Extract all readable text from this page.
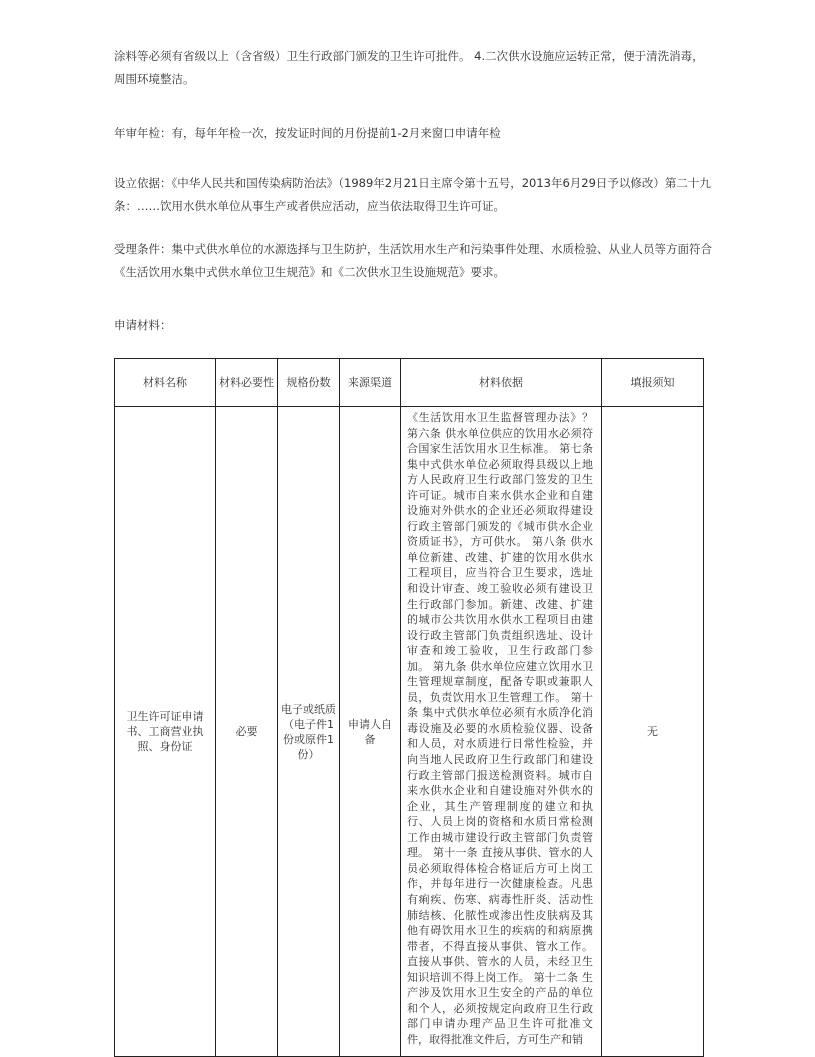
涂料等必须有省级以上（含省级）卫生行政部门颁发的卫生许可批件。 4.二次供水设施应运转正常，便于清洗消毒，周围环境整洁。

年审年检：有，每年年检一次，按发证时间的月份提前1-2月来窗口申请年检

设立依据：《中华人民共和国传染病防治法》（1989年2月21日主席令第十五号，2013年6月29日予以修改）第二十九条：……饮用水供水单位从事生产或者供应活动，应当依法取得卫生许可证。

受理条件：集中式供水单位的水源选择与卫生防护，生活饮用水生产和污染事件处理、水质检验、从业人员等方面符合《生活饮用水集中式供水单位卫生规范》和《二次供水卫生设施规范》要求。

申请材料：

材料名称	材料必要性	规格份数	来源渠道	材料依据	填报须知
卫生许可证申请书、工商营业执照、身份证	必要	电子或纸质（电子件1份或原件1份）	申请人自备	《生活饮用水卫生监督管理办法》？第六条 供水单位供应的饮用水必须符合国家生活饮用水卫生标准。 第七条 集中式供水单位必须取得县级以上地方人民政府卫生行政部门签发的卫生许可证。城市自来水供水企业和自建设施对外供水的企业还必须取得建设行政主管部门颁发的《城市供水企业资质证书》，方可供水。 第八条 供水单位新建、改建、扩建的饮用水供水工程项目，应当符合卫生要求，选址和设计审查、竣工验收必须有建设卫生行政部门参加。新建、改建、扩建的城市公共饮用水供水工程项目由建设行政主管部门负责组织选址、设计审查和竣工验收，卫生行政部门参加。 第九条 供水单位应建立饮用水卫生管理规章制度，配备专职或兼职人员，负责饮用水卫生管理工作。 第十条 集中式供水单位必须有水质净化消毒设施及必要的水质检验仪器、设备和人员，对水质进行日常性检验，并向当地人民政府卫生行政部门和建设行政主管部门报送检测资料。城市自来水供水企业和自建设施对外供水的企业，其生产管理制度的建立和执行、人员上岗的资格和水质日常检测工作由城市建设行政主管部门负责管理。 第十一条 直接从事供、管水的人员必须取得体检合格证后方可上岗工作，并每年进行一次健康检查。凡患有痢疾、伤寒、病毒性肝炎、活动性肺结核、化脓性或渗出性皮肤病及其他有碍饮用水卫生的疾病的和病原携带者，不得直接从事供、管水工作。直接从事供、管水的人员，未经卫生知识培训不得上岗工作。 第十二条 生产涉及饮用水卫生安全的产品的单位和个人，必须按规定向政府卫生行政部门申请办理产品卫生许可批准文件，取得批准文件后，方可生产和销	无
